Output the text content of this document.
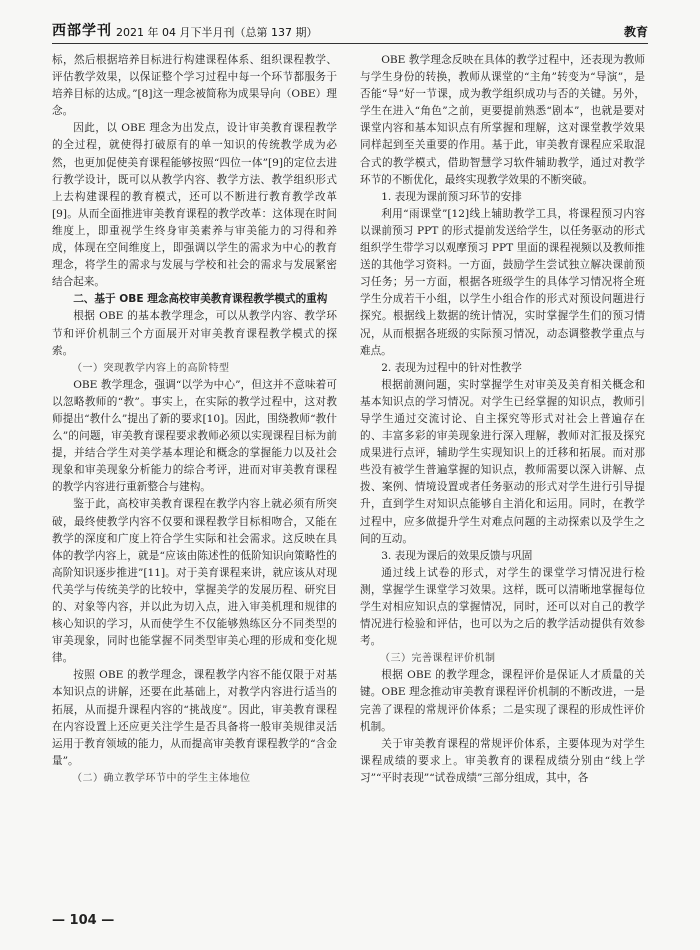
西部学刊 2021 年 04 月下半月刊（总第 137 期）	教育

标，然后根据培养目标进行构建课程体系、组织课程教学、评估教学效果，以保证整个学习过程中每一个环节都服务于培养目标的达成。”[8]这一理念被简称为成果导向（OBE）理念。

因此，以 OBE 理念为出发点，设计审美教育课程教学的全过程，就使得打破原有的单一知识的传统教学成为必然，也更加促使美育课程能够按照“四位一体”[9]的定位去进行教学设计，既可以从教学内容、教学方法、教学组织形式上去构建课程的教育模式，还可以不断进行教育教学改革[9]。从而全面推进审美教育课程的教学改革：这体现在时间维度上，即重视学生终身审美素养与审美能力的习得和养成，体现在空间维度上，即强调以学生的需求为中心的教育理念，将学生的需求与发展与学校和社会的需求与发展紧密结合起来。

二、基于 OBE 理念高校审美教育课程教学模式的重构

根据 OBE 的基本教学理念，可以从教学内容、教学环节和评价机制三个方面展开对审美教育课程教学模式的探索。

（一）突现教学内容上的高阶特型

OBE 教学理念，强调“以学为中心”，但这并不意味着可以忽略教师的“教”。事实上，在实际的教学过程中，这对教师提出“教什么”提出了新的要求[10]。因此，围绕教师“教什么”的问题，审美教育课程要求教师必须以实现课程目标为前提，并结合学生对美学基本理论和概念的掌握能力以及社会现象和审美现象分析能力的综合考评，进而对审美教育课程的教学内容进行重新整合与建构。

鉴于此，高校审美教育课程在教学内容上就必须有所突破，最终使教学内容不仅要和课程教学目标相吻合，又能在教学的深度和广度上符合学生实际和社会需求。这反映在具体的教学内容上，就是“应该由陈述性的低阶知识向策略性的高阶知识逐步推进”[11]。对于美育课程来讲，就应该从对现代美学与传统美学的比较中，掌握美学的发展历程、研究目的、对象等内容，并以此为切入点，进入审美机理和规律的核心知识的学习，从而使学生不仅能够熟练区分不同类型的审美现象，同时也能掌握不同类型审美心理的形成和变化规律。

按照 OBE 的教学理念，课程教学内容不能仅限于对基本知识点的讲解，还要在此基础上，对教学内容进行适当的拓展，从而提升课程内容的“挑战度”。因此，审美教育课程在内容设置上还应更关注学生是否具备将一般审美规律灵活运用于教育领域的能力，从而提高审美教育课程教学的“含金量”。

（二）确立教学环节中的学生主体地位

OBE 教学理念反映在具体的教学过程中，还表现为教师与学生身份的转换，教师从课堂的“主角”转变为“导演”，是否能“导”好一节课，成为教学组织成功与否的关键。另外，学生在进入“角色”之前，更要提前熟悉“剧本”，也就是要对课堂内容和基本知识点有所掌握和理解，这对课堂教学效果同样起到至关重要的作用。基于此，审美教育课程应采取混合式的教学模式，借助智慧学习软件辅助教学，通过对教学环节的不断优化，最终实现教学效果的不断突破。

1. 表现为课前预习环节的安排

利用“雨课堂”[12]线上辅助教学工具，将课程预习内容以课前预习 PPT 的形式提前发送给学生，以任务驱动的形式组织学生带学习以观摩预习 PPT 里面的课程视频以及教师推送的其他学习资料。一方面，鼓励学生尝试独立解决课前预习任务；另一方面，根据各班级学生的具体学习情况将全班学生分成若干小组，以学生小组合作的形式对预设问题进行探究。根据线上数据的统计情况，实时掌握学生们的预习情况，从而根据各班级的实际预习情况，动态调整教学重点与难点。

2. 表现为过程中的针对性教学

根据前测问题，实时掌握学生对审美及美育相关概念和基本知识点的学习情况。对学生已经掌握的知识点，教师引导学生通过交流讨论、自主探究等形式对社会上普遍存在的、丰富多彩的审美现象进行深入理解，教师对汇报及探究成果进行点评，辅助学生实现知识上的迁移和拓展。而对那些没有被学生普遍掌握的知识点，教师需要以深入讲解、点拨、案例、情境设置或者任务驱动的形式对学生进行引导提升，直到学生对知识点能够自主消化和运用。同时，在教学过程中，应多做提升学生对难点问题的主动探索以及学生之间的互动。

3. 表现为课后的效果反馈与巩固

通过线上试卷的形式，对学生的课堂学习情况进行检测，掌握学生课堂学习效果。这样，既可以清晰地掌握每位学生对相应知识点的掌握情况，同时，还可以对自己的教学情况进行检验和评估，也可以为之后的教学活动提供有效参考。

（三）完善课程评价机制

根据 OBE 的教学理念，课程评价是保证人才质量的关键。OBE 理念推动审美教育课程评价机制的不断改进，一是完善了课程的常规评价体系；二是实现了课程的形成性评价机制。

关于审美教育课程的常规评价体系，主要体现为对学生课程成绩的要求上。审美教育的课程成绩分别由“线上学习”“平时表现”“试卷成绩”三部分组成，其中，各

— 104 —
